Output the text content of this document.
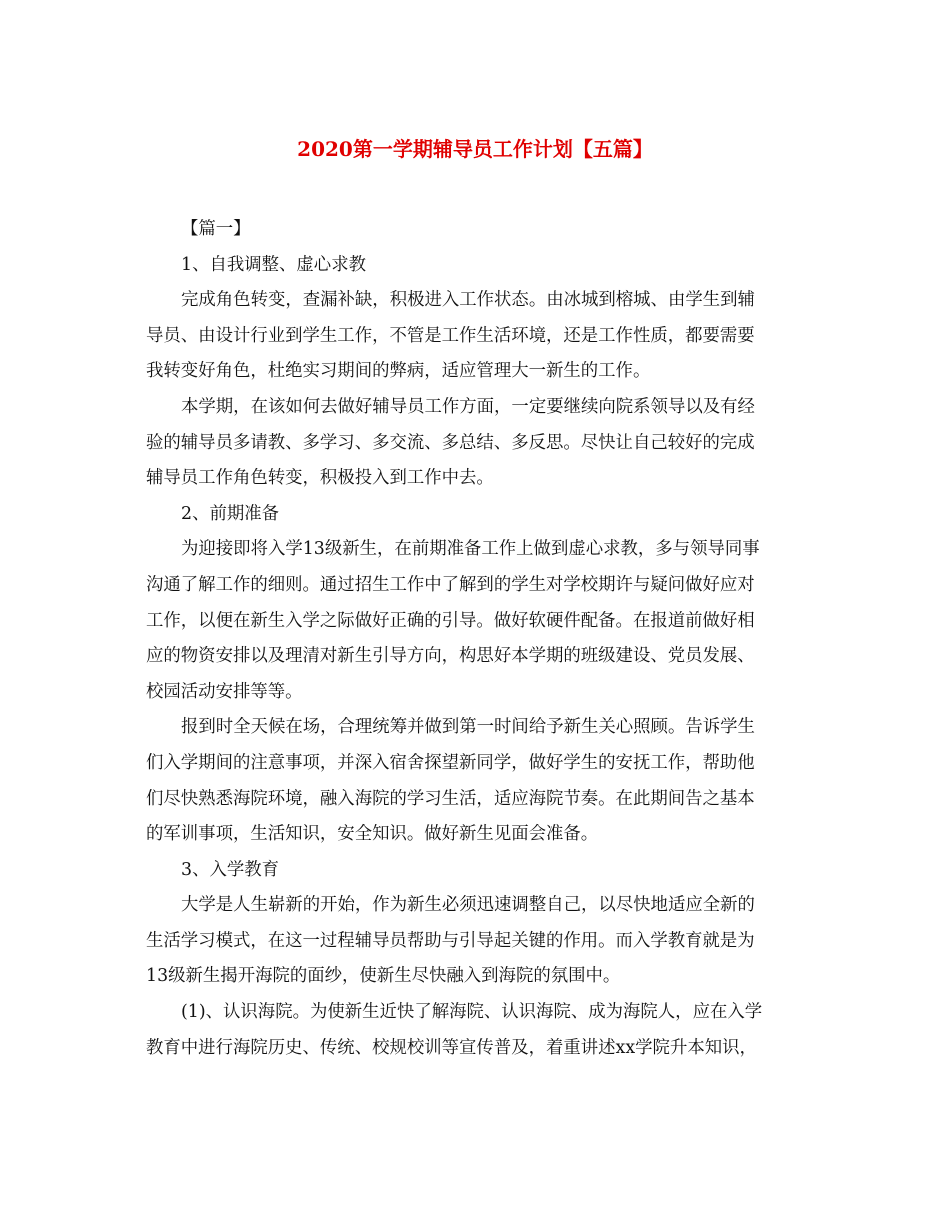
2020第一学期辅导员工作计划【五篇】
【篇一】
1、自我调整、虚心求教
完成角色转变，查漏补缺，积极进入工作状态。由冰城到榕城、由学生到辅
导员、由设计行业到学生工作，不管是工作生活环境，还是工作性质，都要需要
我转变好角色，杜绝实习期间的弊病，适应管理大一新生的工作。
本学期，在该如何去做好辅导员工作方面，一定要继续向院系领导以及有经
验的辅导员多请教、多学习、多交流、多总结、多反思。尽快让自己较好的完成
辅导员工作角色转变，积极投入到工作中去。
2、前期准备
为迎接即将入学13级新生，在前期准备工作上做到虚心求教，多与领导同事
沟通了解工作的细则。通过招生工作中了解到的学生对学校期许与疑问做好应对
工作，以便在新生入学之际做好正确的引导。做好软硬件配备。在报道前做好相
应的物资安排以及理清对新生引导方向，构思好本学期的班级建设、党员发展、
校园活动安排等等。
报到时全天候在场，合理统筹并做到第一时间给予新生关心照顾。告诉学生
们入学期间的注意事项，并深入宿舍探望新同学，做好学生的安抚工作，帮助他
们尽快熟悉海院环境，融入海院的学习生活，适应海院节奏。在此期间告之基本
的军训事项，生活知识，安全知识。做好新生见面会准备。
3、入学教育
大学是人生崭新的开始，作为新生必须迅速调整自己，以尽快地适应全新的
生活学习模式，在这一过程辅导员帮助与引导起关键的作用。而入学教育就是为
13级新生揭开海院的面纱，使新生尽快融入到海院的氛围中。
(1)、认识海院。为使新生近快了解海院、认识海院、成为海院人，应在入学
教育中进行海院历史、传统、校规校训等宣传普及，着重讲述xx学院升本知识，
